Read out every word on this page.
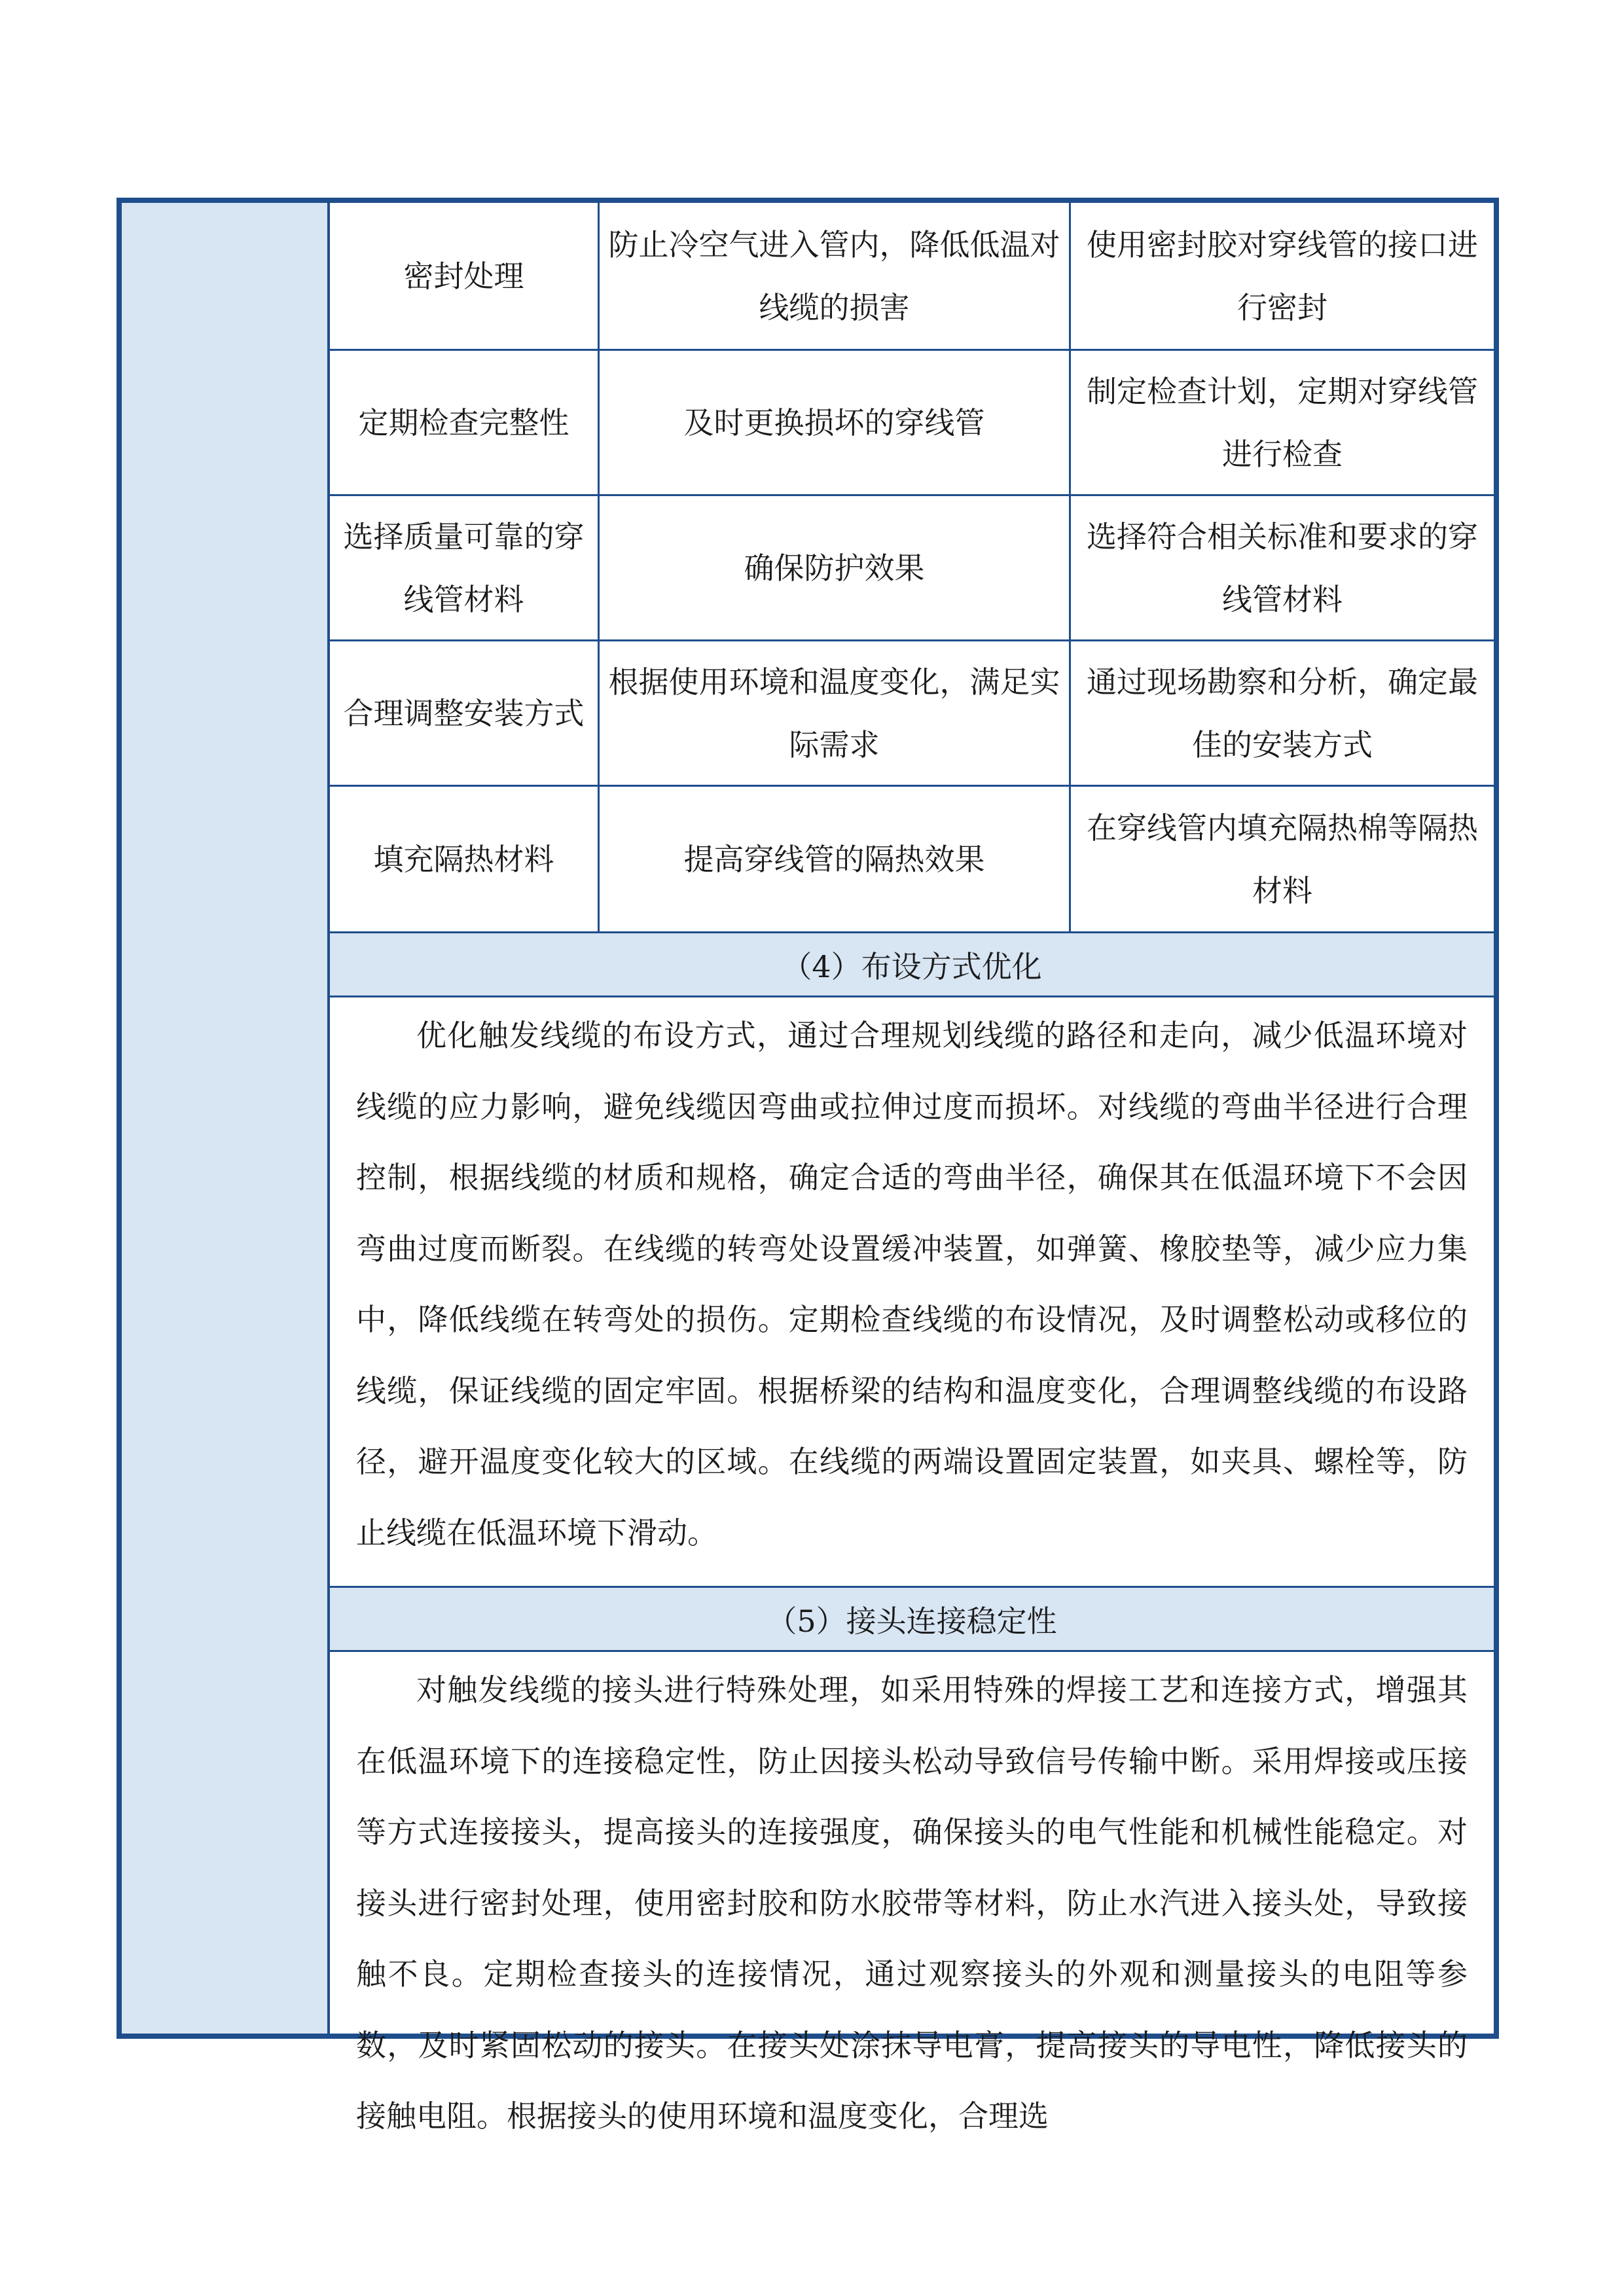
密封处理
防止冷空气进入管内，降低低温对线缆的损害
使用密封胶对穿线管的接口进行密封
定期检查完整性	及时更换损坏的穿线管
制定检查计划，定期对穿线管进行检查
选择质量可靠的穿线管材料
确保防护效果
选择符合相关标准和要求的穿线管材料
合理调整安装方式
根据使用环境和温度变化，满足实际需求
通过现场勘察和分析，确定最佳的安装方式
填充隔热材料	提高穿线管的隔热效果
在穿线管内填充隔热棉等隔热材料
（4）布设方式优化
优化触发线缆的布设方式，通过合理规划线缆的路径和走向，减少低温环境对线缆的应力影响，避免线缆因弯曲或拉伸过度而损坏。对线缆的弯曲半径进行合理控制，根据线缆的材质和规格，确定合适的弯曲半径，确保其在低温环境下不会因弯曲过度而断裂。在线缆的转弯处设置缓冲装置，如弹簧、橡胶垫等，减少应力集中，降低线缆在转弯处的损伤。定期检查线缆的布设情况，及时调整松动或移位的线缆，保证线缆的固定牢固。根据桥梁的结构和温度变化，合理调整线缆的布设路径，避开温度变化较大的区域。在线缆的两端设置固定装置，如夹具、螺栓等，防止线缆在低温环境下滑动。
（5）接头连接稳定性
对触发线缆的接头进行特殊处理，如采用特殊的焊接工艺和连接方式，增强其在低温环境下的连接稳定性，防止因接头松动导致信号传输中断。采用焊接或压接等方式连接接头，提高接头的连接强度，确保接头的电气性能和机械性能稳定。对接头进行密封处理，使用密封胶和防水胶带等材料，防止水汽进入接头处，导致接触不良。定期检查接头的连接情况，通过观察接头的外观和测量接头的电阻等参数，及时紧固松动的接头。在接头处涂抹导电膏，提高接头的导电性，降低接头的接触电阻。根据接头的使用环境和温度变化，合理选
